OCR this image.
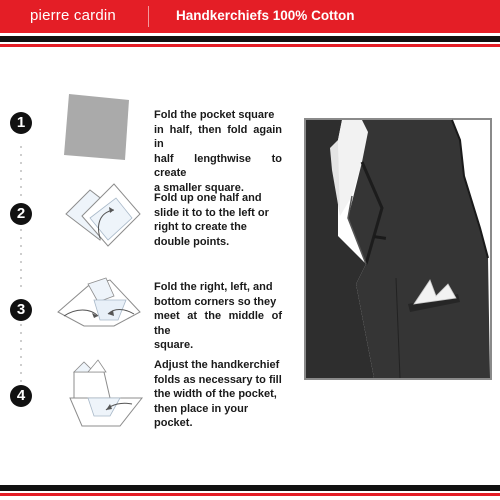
pierre cardin	Handkerchiefs 100% Cotton
1	Fold the pocket square
in half, then fold again in
half lengthwise to create
a smaller square.
2
Fold up one half and
slide it to to the left or
right to create the
double points.
3
Fold the right, left, and
bottom corners so they
meet at the middle of the
square.
4
Adjust the handkerchief
folds as necessary to fill
the width of the pocket,
then place in your
pocket.
